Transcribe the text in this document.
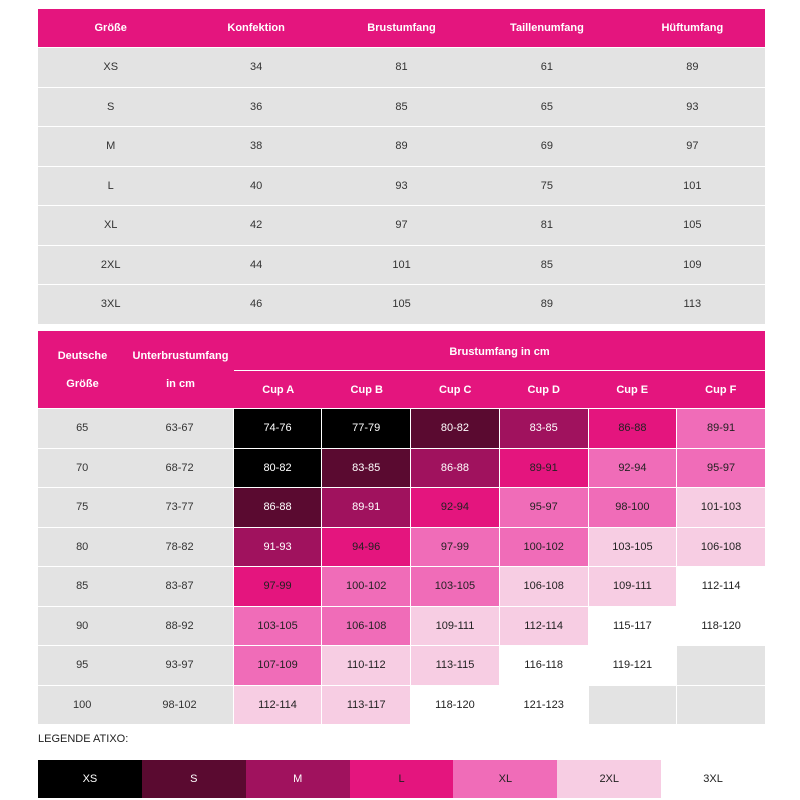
Größe	Konfektion	Brustumfang	Taillenumfang	Hüftumfang
XS	34	81	61	89
S	36	85	65	93
M	38	89	69	97
L	40	93	75	101
XL	42	97	81	105
2XL	44	101	85	109
3XL	46	105	89	113
Deutsche
Größe
Unterbrustumfang
in cm
Brustumfang in cm
Cup A	Cup B	Cup C	Cup D	Cup E	Cup F
65	63-67	74-76	77-79	80-82	83-85	86-88	89-91
70	68-72	80-82	83-85	86-88	89-91	92-94	95-97
75	73-77	86-88	89-91	92-94	95-97	98-100	101-103
80	78-82	91-93	94-96	97-99	100-102	103-105	106-108
85	83-87	97-99	100-102	103-105	106-108	109-111	112-114
90	88-92	103-105	106-108	109-111	112-114	115-117	118-120
95	93-97	107-109	110-112	113-115	116-118	119-121
100	98-102	112-114	113-117	118-120	121-123
LEGENDE ATIXO:
XS	S	M	L	XL	2XL	3XL
